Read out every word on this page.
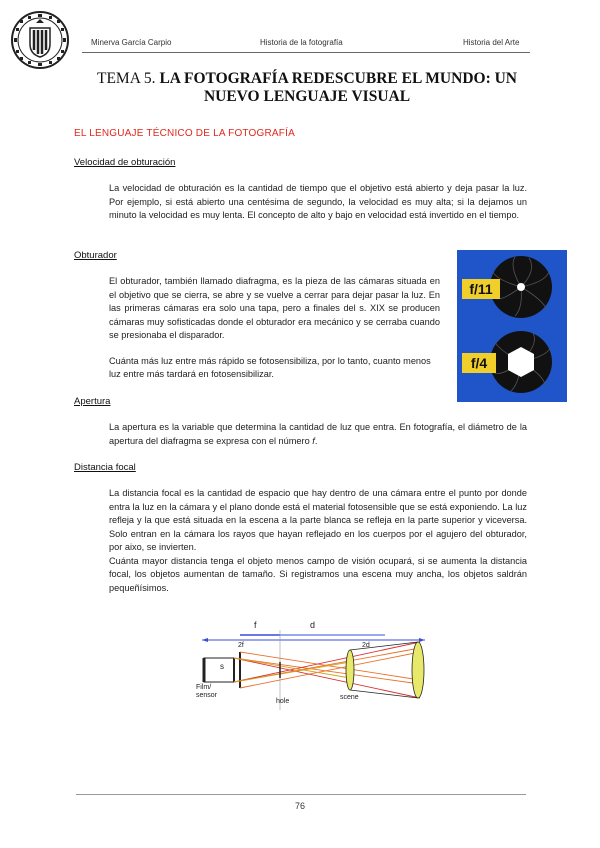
Minerva García Carpio	Historia de la fotografía	Historia del Arte
TEMA 5. LA FOTOGRAFÍA REDESCUBRE EL MUNDO: UN NUEVO LENGUAJE VISUAL
EL LENGUAJE TÉCNICO DE LA FOTOGRAFÍA
Velocidad de obturación

La velocidad de obturación es la cantidad de tiempo que el objetivo está abierto y deja pasar la luz. Por ejemplo, si está abierto una centésima de segundo, la velocidad es muy alta; si la dejamos un minuto la velocidad es muy lenta. El concepto de alto y bajo en velocidad está invertido en el tiempo.

Obturador

El obturador, también llamado diafragma, es la pieza de las cámaras situada en el objetivo que se cierra, se abre y se vuelve a cerrar para dejar pasar la luz. En las primeras cámaras era solo una tapa, pero a finales del s. XIX se producen cámaras muy sofisticadas donde el obturador era mecánico y se cerraba cuando se presionaba el disparador.

Cuánta más luz entre más rápido se fotosensibiliza, por lo tanto, cuanto menos luz entre más tardará en fotosensibilizar.

f/11
f/4
Apertura

La apertura es la variable que determina la cantidad de luz que entra. En fotografía, el diámetro de la apertura del diafragma se expresa con el número f.

Distancia focal

La distancia focal es la cantidad de espacio que hay dentro de una cámara entre el punto por donde entra la luz en la cámara y el plano donde está el material fotosensible que se está exponiendo. La luz refleja y la que está situada en la escena a la parte blanca se refleja en la parte superior y viceversa. Solo entran en la cámara los rayos que hayan reflejado en los cuerpos por el agujero del obturador, por aixo, se invierten.

Cuánta mayor distancia tenga el objeto menos campo de visión ocupará, si se aumenta la distancia focal, los objetos aumentan de tamaño. Si registramos una escena muy ancha, los objetos saldrán pequeñísimos.

f	d
2f	2d
s
Film/
sensor
hole
scene
76
